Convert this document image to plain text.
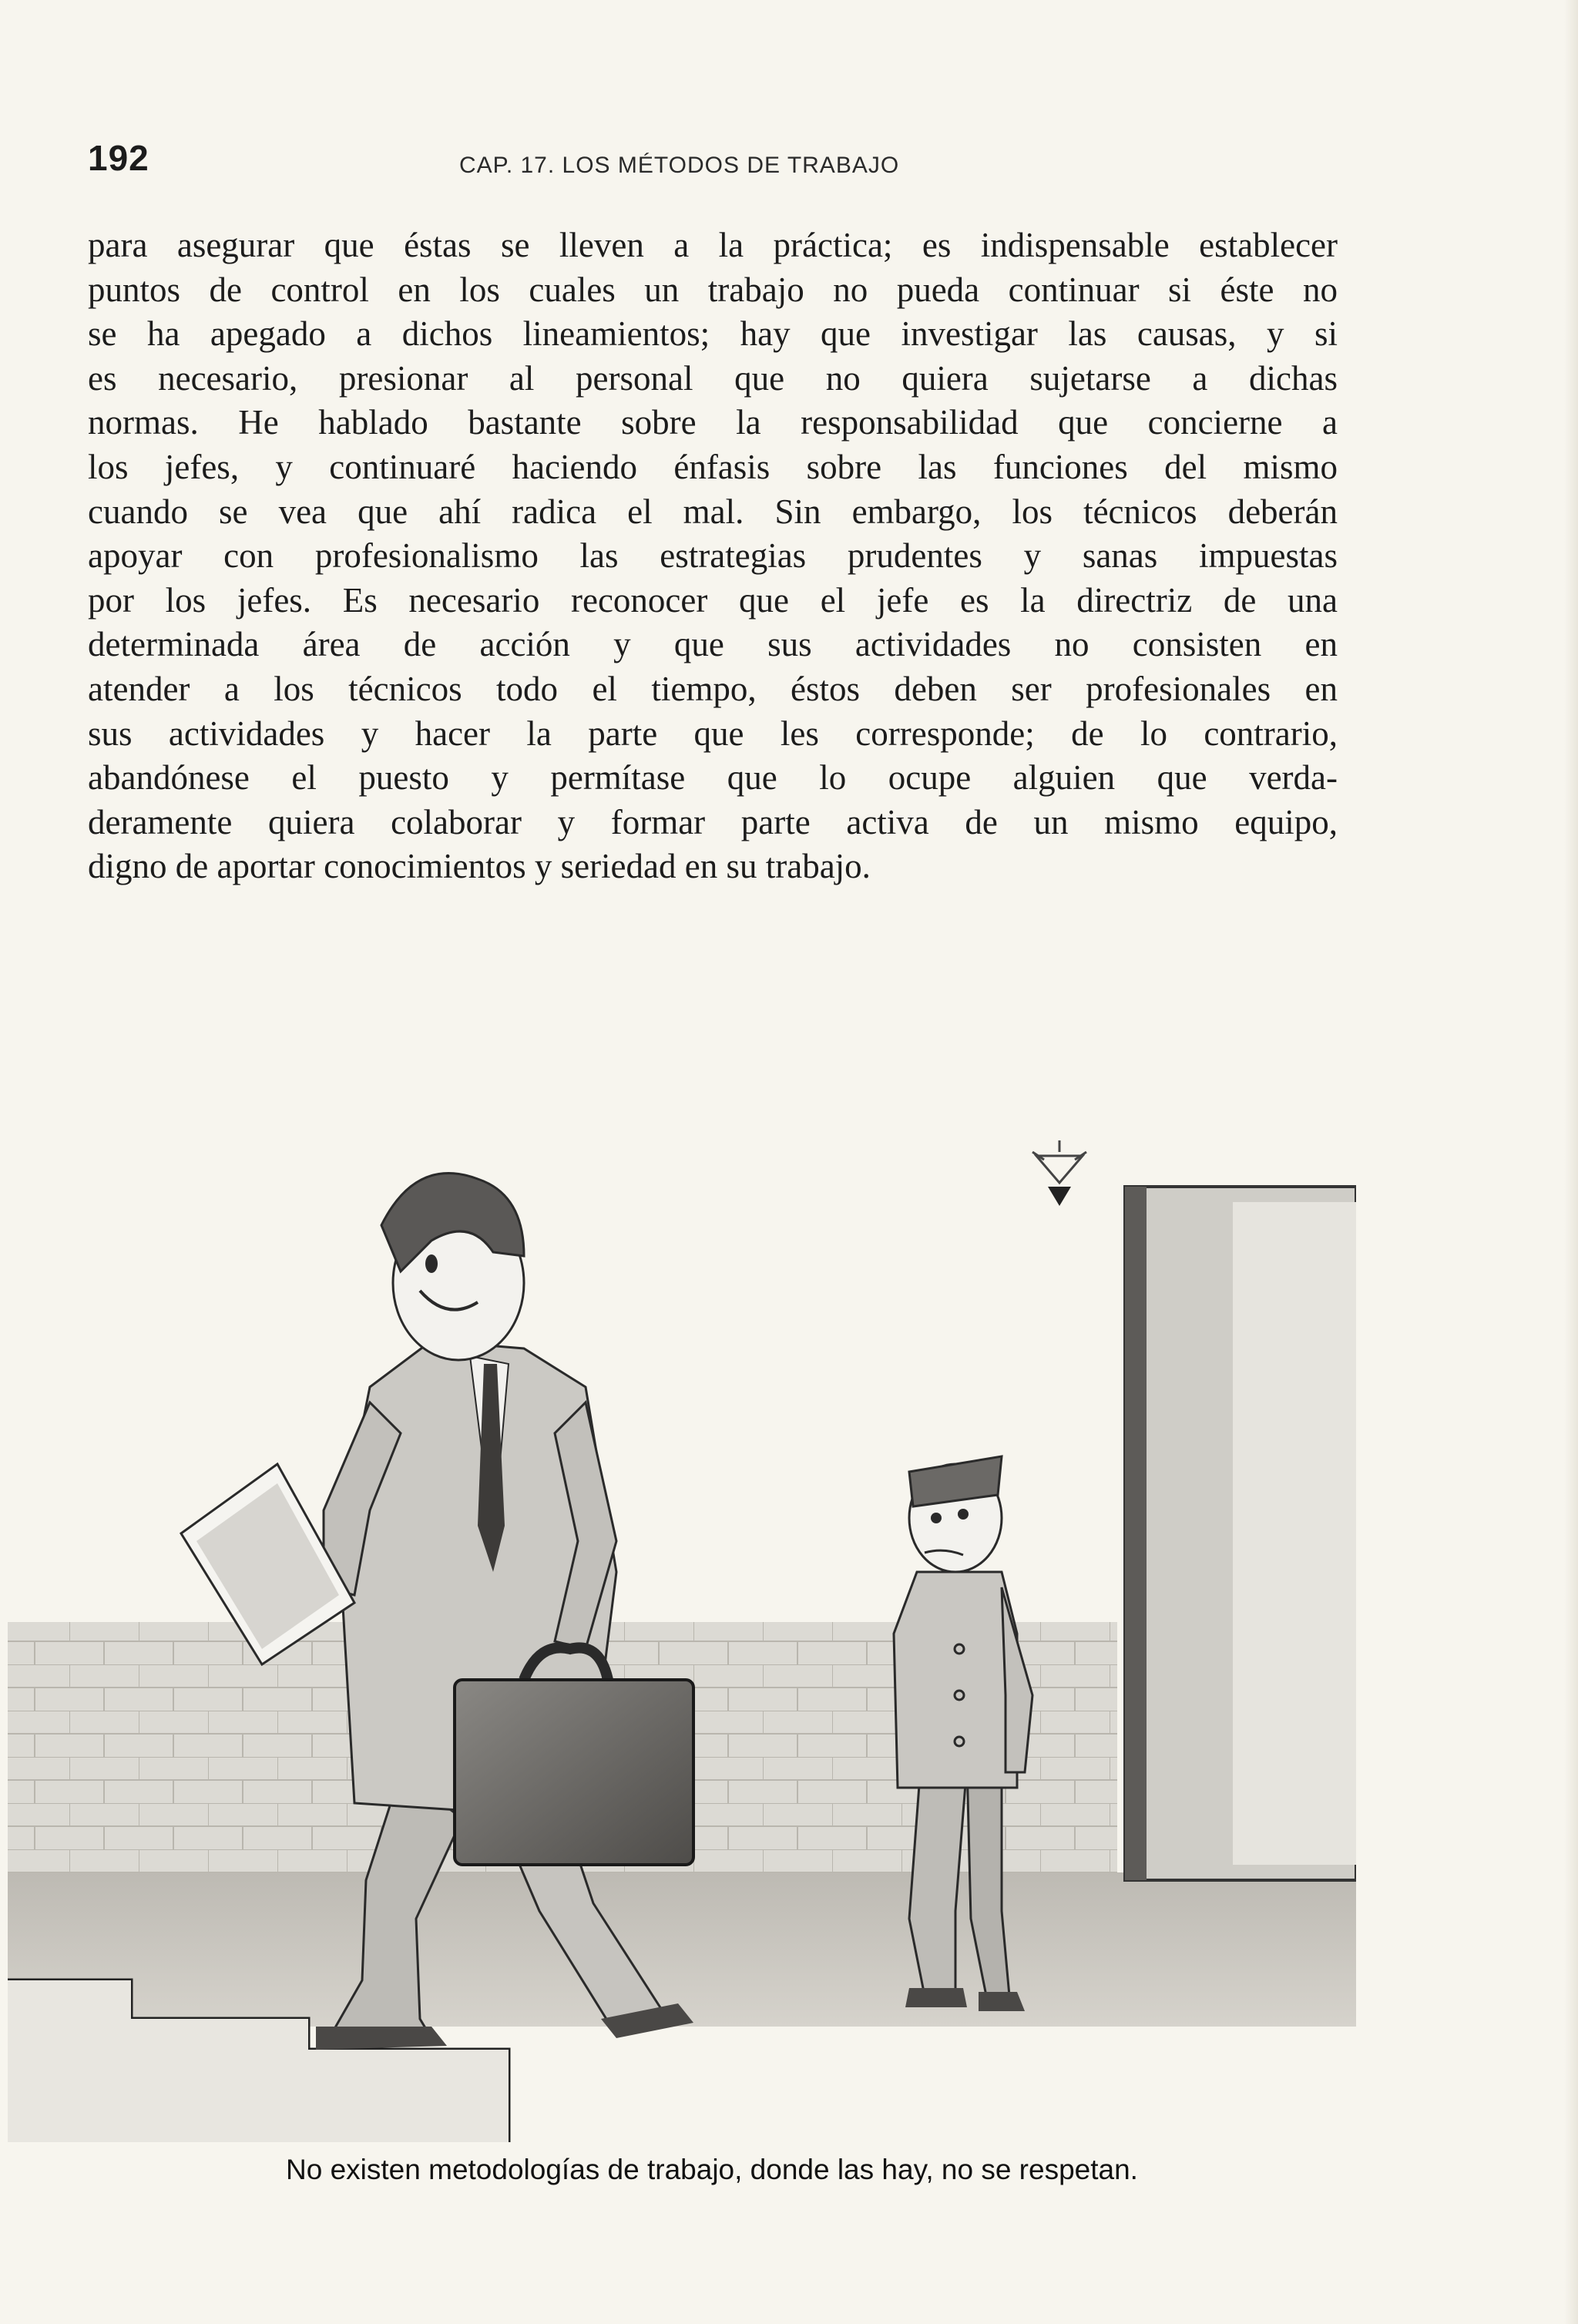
192	CAP. 17. LOS MÉTODOS DE TRABAJO

para asegurar que éstas se lleven a la práctica; es indispensable establecer
puntos de control en los cuales un trabajo no pueda continuar si éste no
se ha apegado a dichos lineamientos; hay que investigar las causas, y si
es necesario, presionar al personal que no quiera sujetarse a dichas
normas. He hablado bastante sobre la responsabilidad que concierne a
los jefes, y continuaré haciendo énfasis sobre las funciones del mismo
cuando se vea que ahí radica el mal. Sin embargo, los técnicos deberán
apoyar con profesionalismo las estrategias prudentes y sanas impuestas
por los jefes. Es necesario reconocer que el jefe es la directriz de una
determinada área de acción y que sus actividades no consisten en
atender a los técnicos todo el tiempo, éstos deben ser profesionales en
sus actividades y hacer la parte que les corresponde; de lo contrario,
abandónese el puesto y permítase que lo ocupe alguien que verda-
deramente quiera colaborar y formar parte activa de un mismo equipo,
digno de aportar conocimientos y seriedad en su trabajo.

No existen metodologías de trabajo, donde las hay, no se respetan.
